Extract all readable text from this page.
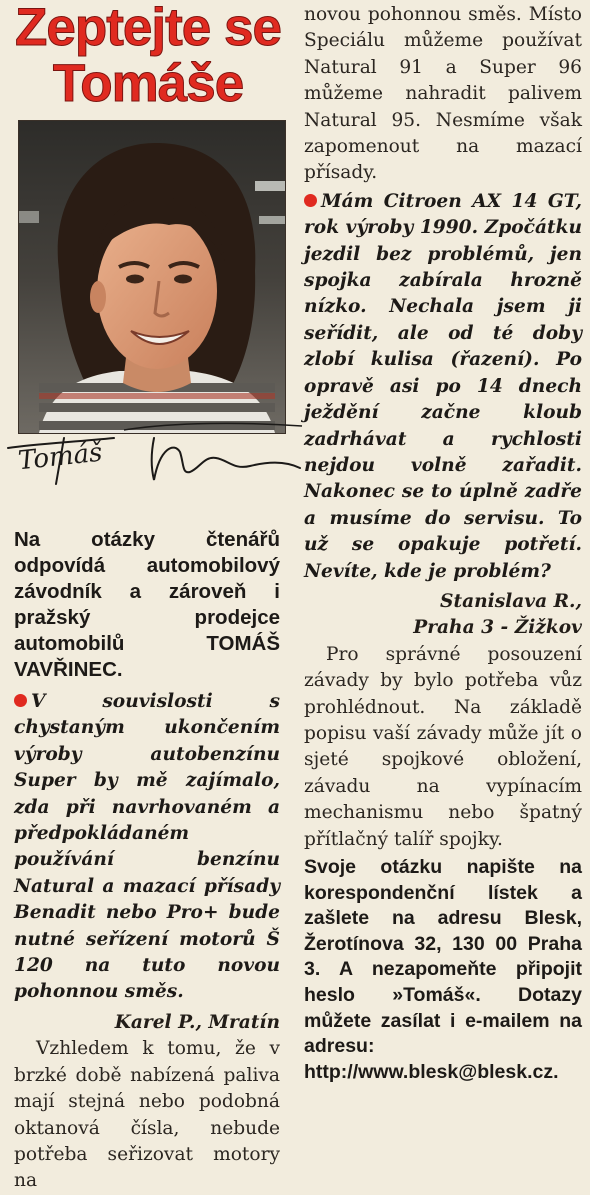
Zeptejte se
Tomáše
Tomáš

Na otázky čtenářů odpovídá automobilový závodník a zároveň i pražský prodejce automobilů	TOMÁŠ VAVŘINEC.

V souvislosti s chystaným ukončením výroby autobenzínu Super by mě zajímalo, zda při navrhovaném a předpokládaném používání benzínu Natural a mazací přísady Benadit nebo Pro+ bude nutné seřízení motorů Š 120 na tuto novou pohonnou směs.

Karel P., Mratín

Vzhledem k tomu, že v brzké době nabízená paliva mají stejná nebo podobná oktanová čísla, nebude potřeba seřizovat motory na

novou pohonnou směs. Místo Speciálu můžeme používat Natural 91 a Super 96 můžeme nahradit palivem Natural 95. Nesmíme však zapomenout na mazací přísady.

Mám Citroen AX 14 GT, rok výroby 1990. Zpočátku jezdil bez problémů, jen spojka zabírala hrozně nízko. Nechala jsem ji seřídit, ale od té doby zlobí kulisa (řazení). Po opravě asi po 14 dnech ježdění začne kloub zadrhávat a rychlosti nejdou volně zařadit. Nakonec se to úplně zadře a musíme do servisu. To už se opakuje potřetí. Nevíte, kde je problém?

Stanislava R.,

Praha 3 - Žižkov

Pro správné posouzení závady by bylo potřeba vůz prohlédnout. Na základě popisu vaší závady může jít o sjeté spojkové obložení, závadu na vypínacím mechanismu nebo špatný přítlačný talíř spojky.

Svoje otázku napište na korespondenční lístek a zašlete na adresu Blesk, Žerotínova 32, 130 00 Praha 3. A nezapomeňte připojit heslo »Tomáš«. Dotazy můžete zasílat i e-mailem na adresu: http://www.blesk@blesk.cz.
